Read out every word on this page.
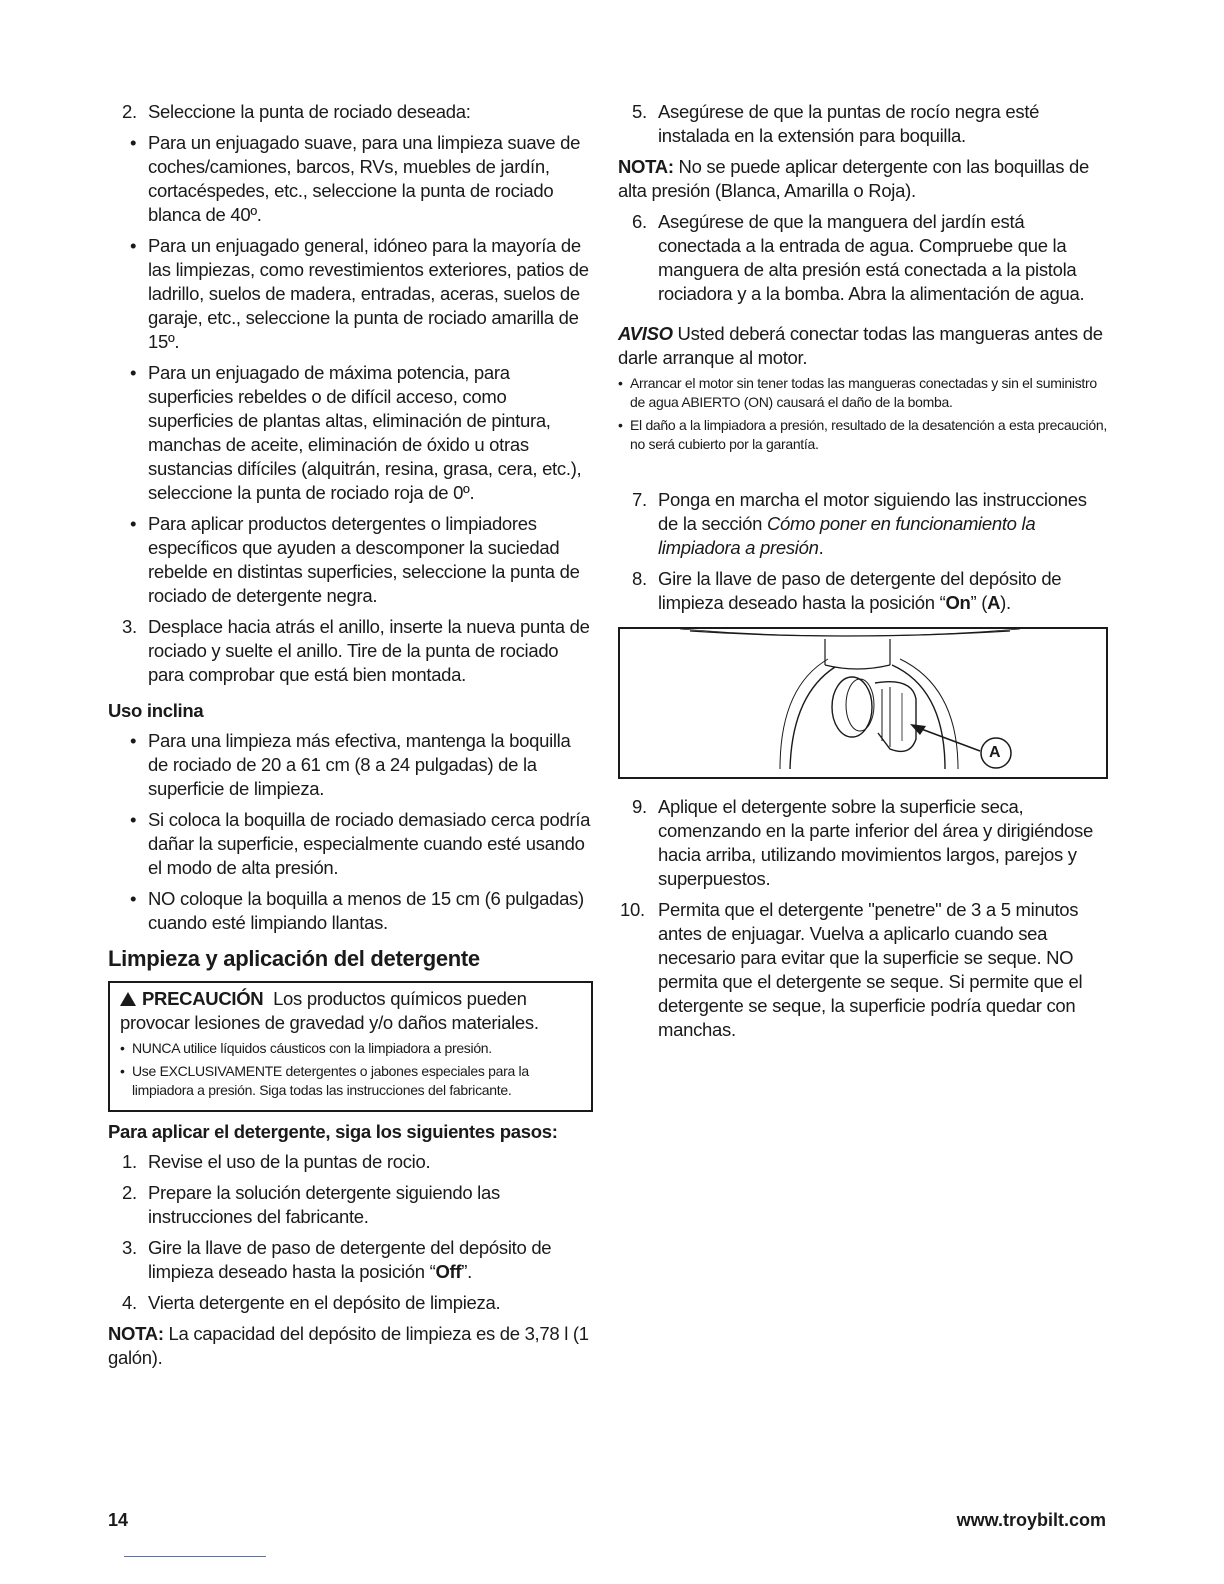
2. Seleccione la punta de rociado deseada:
• Para un enjuagado suave, para una limpieza suave de coches/camiones, barcos, RVs, muebles de jardín, cortacéspedes, etc., seleccione la punta de rociado blanca de 40º.
• Para un enjuagado general, idóneo para la mayoría de las limpiezas, como revestimientos exteriores, patios de ladrillo, suelos de madera, entradas, aceras, suelos de garaje, etc., seleccione la punta de rociado amarilla de 15º.
• Para un enjuagado de máxima potencia, para superficies rebeldes o de difícil acceso, como superficies de plantas altas, eliminación de pintura, manchas de aceite, eliminación de óxido u otras sustancias difíciles (alquitrán, resina, grasa, cera, etc.), seleccione la punta de rociado roja de 0º.
• Para aplicar productos detergentes o limpiadores específicos que ayuden a descomponer la suciedad rebelde en distintas superficies, seleccione la punta de rociado de detergente negra.
3. Desplace hacia atrás el anillo, inserte la nueva punta de rociado y suelte el anillo. Tire de la punta de rociado para comprobar que está bien montada.
Uso inclina
• Para una limpieza más efectiva, mantenga la boquilla de rociado de 20 a 61 cm (8 a 24 pulgadas) de la superficie de limpieza.
• Si coloca la boquilla de rociado demasiado cerca podría dañar la superficie, especialmente cuando esté usando el modo de alta presión.
• NO coloque la boquilla a menos de 15 cm (6 pulgadas) cuando esté limpiando llantas.
Limpieza y aplicación del detergente
PRECAUCIÓN Los productos químicos pueden provocar lesiones de gravedad y/o daños materiales.
• NUNCA utilice líquidos cáusticos con la limpiadora a presión.
• Use EXCLUSIVAMENTE detergentes o jabones especiales para la limpiadora a presión. Siga todas las instrucciones del fabricante.
Para aplicar el detergente, siga los siguientes pasos:
1. Revise el uso de la puntas de rocio.
2. Prepare la solución detergente siguiendo las instrucciones del fabricante.
3. Gire la llave de paso de detergente del depósito de limpieza deseado hasta la posición “Off”.
4. Vierta detergente en el depósito de limpieza.
NOTA: La capacidad del depósito de limpieza es de 3,78 l (1 galón).
5. Asegúrese de que la puntas de rocío negra esté instalada en la extensión para boquilla.
NOTA: No se puede aplicar detergente con las boquillas de alta presión (Blanca, Amarilla o Roja).
6. Asegúrese de que la manguera del jardín está conectada a la entrada de agua. Compruebe que la manguera de alta presión está conectada a la pistola rociadora y a la bomba. Abra la alimentación de agua.
AVISO Usted deberá conectar todas las mangueras antes de darle arranque al motor.
• Arrancar el motor sin tener todas las mangueras conectadas y sin el suministro de agua ABIERTO (ON) causará el daño de la bomba.
• El daño a la limpiadora a presión, resultado de la desatención a esta precaución, no será cubierto por la garantía.
7. Ponga en marcha el motor siguiendo las instrucciones de la sección Cómo poner en funcionamiento la limpiadora a presión.
8. Gire la llave de paso de detergente del depósito de limpieza deseado hasta la posición “On” (A).
A
9. Aplique el detergente sobre la superficie seca, comenzando en la parte inferior del área y dirigiéndose hacia arriba, utilizando movimientos largos, parejos y superpuestos.
10. Permita que el detergente "penetre" de 3 a 5 minutos antes de enjuagar. Vuelva a aplicarlo cuando sea necesario para evitar que la superficie se seque. NO permita que el detergente se seque. Si permite que el detergente se seque, la superficie podría quedar con manchas.
14	www.troybilt.com
